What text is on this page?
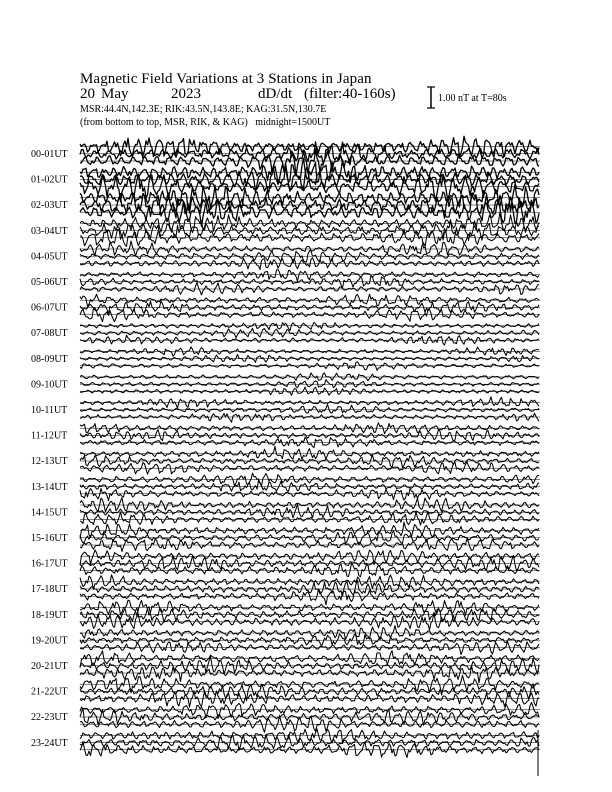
Magnetic Field Variations at 3 Stations in Japan
20 May	2023	dD/dt (filter:40-160s)
MSR:44.4N,142.3E; RIK:43.5N,143.8E; KAG:31.5N,130.7E
(from bottom to top, MSR, RIK, & KAG) midnight=1500UT
1.00 nT at T=80s
00-01UT
01-02UT
02-03UT
03-04UT
04-05UT
05-06UT
06-07UT
07-08UT
08-09UT
09-10UT
10-11UT
11-12UT
12-13UT
13-14UT
14-15UT
15-16UT
16-17UT
17-18UT
18-19UT
19-20UT
20-21UT
21-22UT
22-23UT
23-24UT
